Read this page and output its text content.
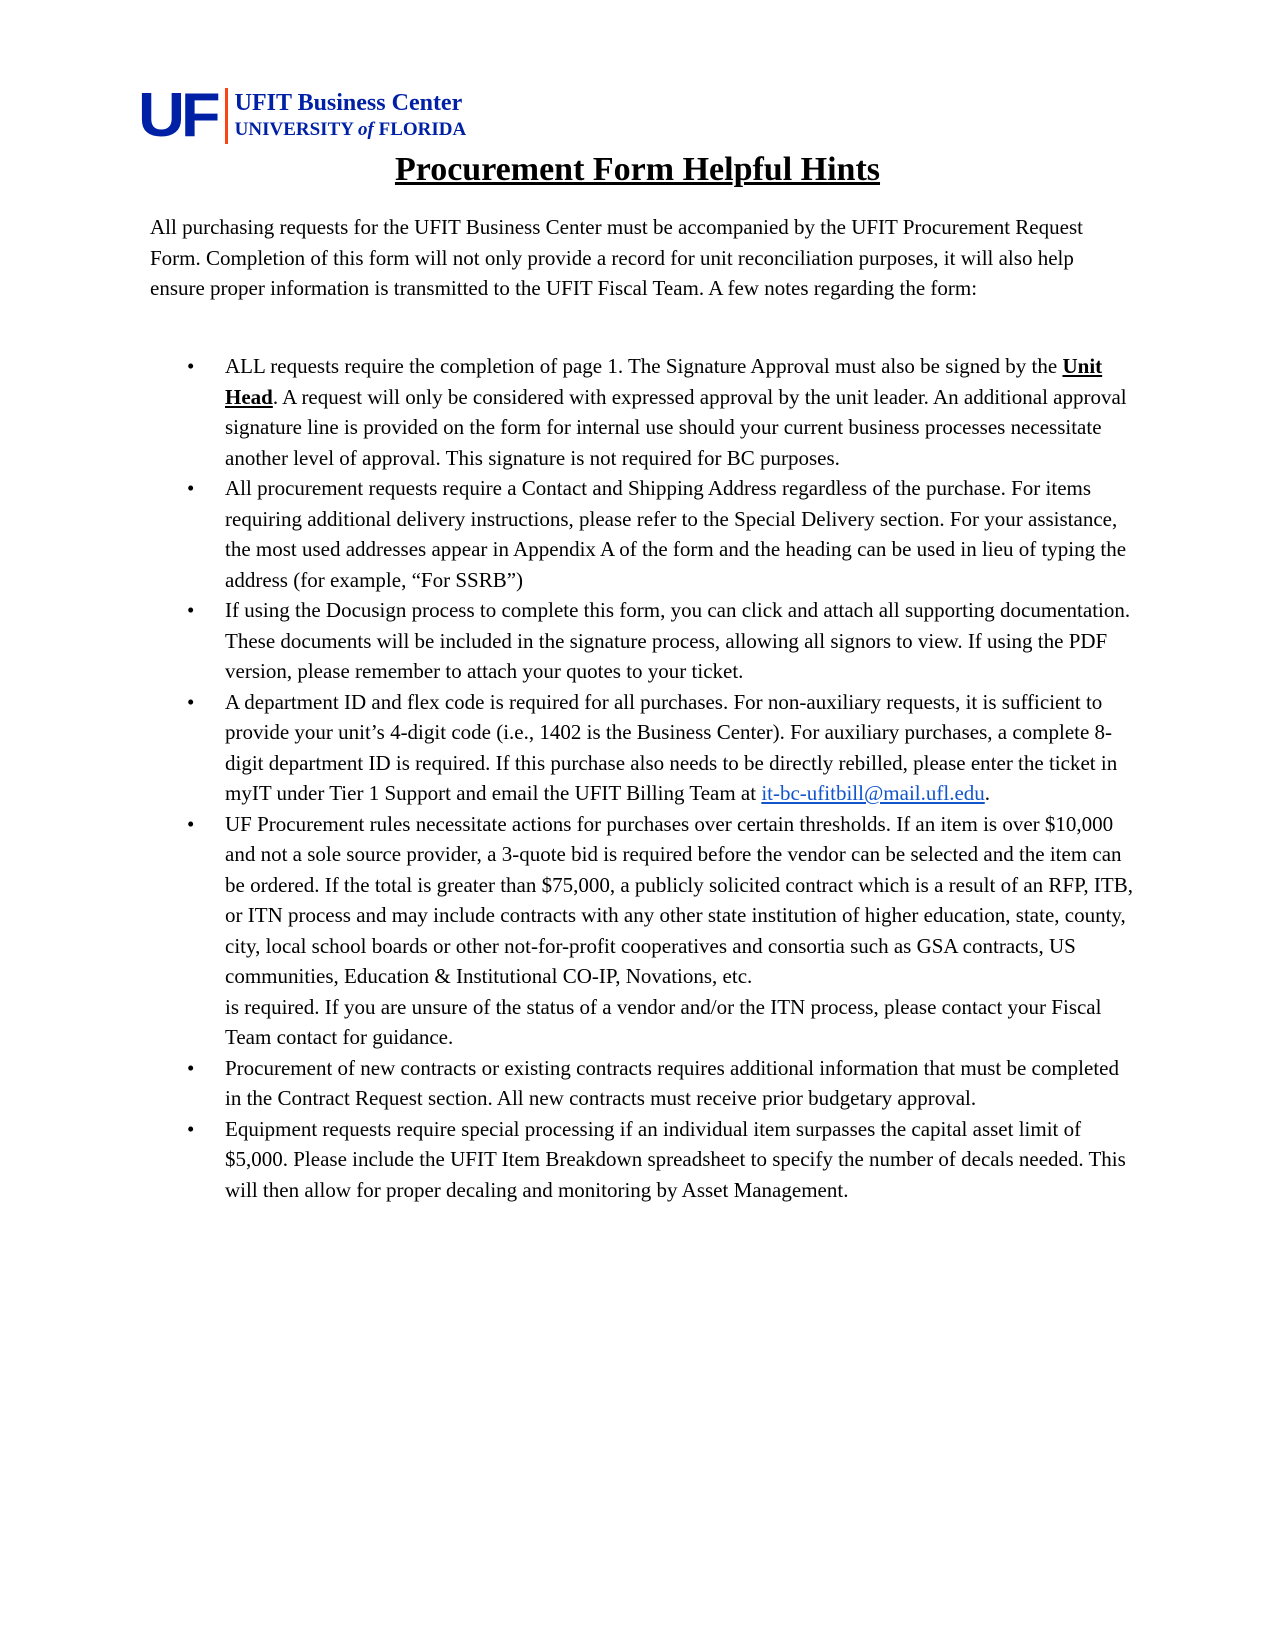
UF UFIT Business Center
UNIVERSITY of FLORIDA
Procurement Form Helpful Hints

All purchasing requests for the UFIT Business Center must be accompanied by the UFIT Procurement Request Form. Completion of this form will not only provide a record for unit reconciliation purposes, it will also help ensure proper information is transmitted to the UFIT Fiscal Team. A few notes regarding the form:

• ALL requests require the completion of page 1. The Signature Approval must also be signed by the Unit Head. A request will only be considered with expressed approval by the unit leader. An additional approval signature line is provided on the form for internal use should your current business processes necessitate another level of approval. This signature is not required for BC purposes.

• All procurement requests require a Contact and Shipping Address regardless of the purchase. For items requiring additional delivery instructions, please refer to the Special Delivery section. For your assistance, the most used addresses appear in Appendix A of the form and the heading can be used in lieu of typing the address (for example, “For SSRB”)

• If using the Docusign process to complete this form, you can click and attach all supporting documentation. These documents will be included in the signature process, allowing all signors to view. If using the PDF version, please remember to attach your quotes to your ticket.

• A department ID and flex code is required for all purchases. For non-auxiliary requests, it is sufficient to provide your unit’s 4-digit code (i.e., 1402 is the Business Center). For auxiliary purchases, a complete 8-digit department ID is required. If this purchase also needs to be directly rebilled, please enter the ticket in myIT under Tier 1 Support and email the UFIT Billing Team at it-bc-ufitbill@mail.ufl.edu.

• UF Procurement rules necessitate actions for purchases over certain thresholds. If an item is over $10,000 and not a sole source provider, a 3-quote bid is required before the vendor can be selected and the item can be ordered. If the total is greater than $75,000, a publicly solicited contract which is a result of an RFP, ITB, or ITN process and may include contracts with any other state institution of higher education, state, county, city, local school boards or other not-for-profit cooperatives and consortia such as GSA contracts, US communities, Education & Institutional CO-IP, Novations, etc.

is required. If you are unsure of the status of a vendor and/or the ITN process, please contact your Fiscal Team contact for guidance.

• Procurement of new contracts or existing contracts requires additional information that must be completed in the Contract Request section. All new contracts must receive prior budgetary approval.

• Equipment requests require special processing if an individual item surpasses the capital asset limit of $5,000. Please include the UFIT Item Breakdown spreadsheet to specify the number of decals needed. This will then allow for proper decaling and monitoring by Asset Management.
